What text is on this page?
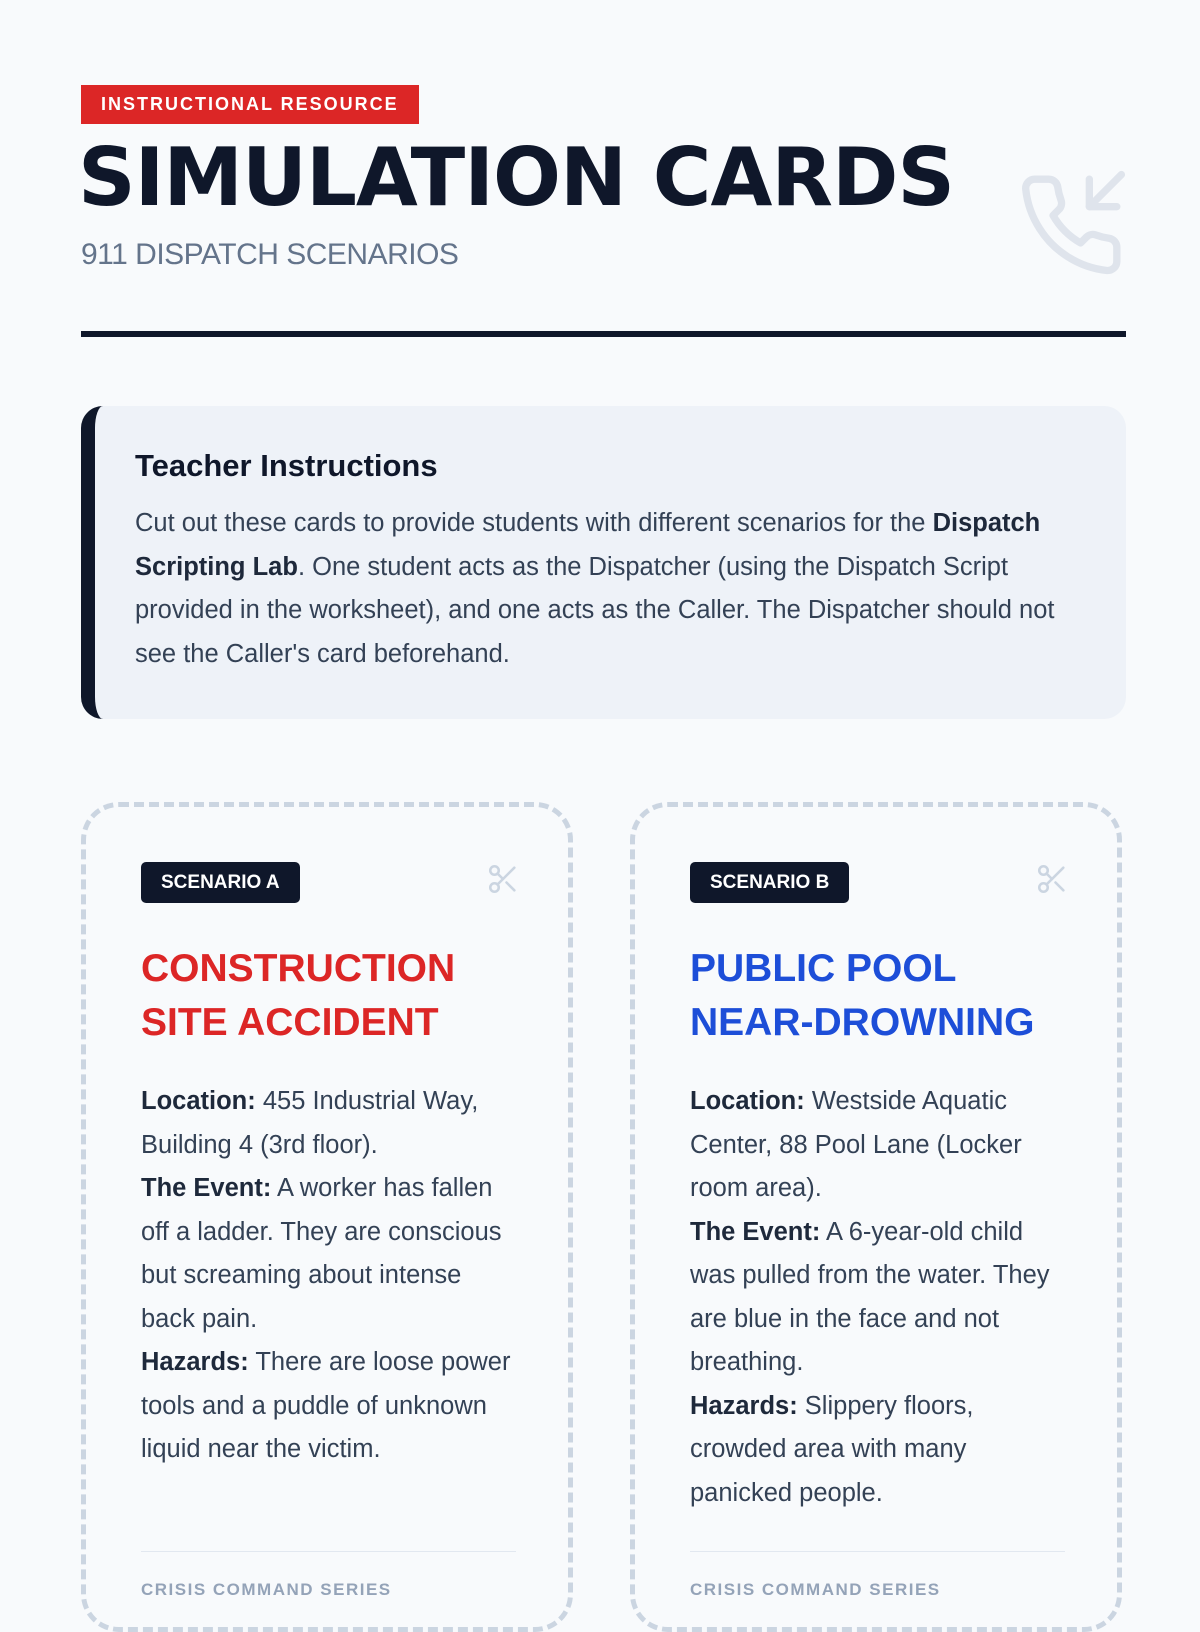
INSTRUCTIONAL RESOURCE
SIMULATION CARDS
911 DISPATCH SCENARIOS
Teacher Instructions
Cut out these cards to provide students with different scenarios for the Dispatch Scripting Lab. One student acts as the Dispatcher (using the Dispatch Script provided in the worksheet), and one acts as the Caller. The Dispatcher should not see the Caller's card beforehand.
SCENARIO A
CONSTRUCTION
SITE ACCIDENT
Location: 455 Industrial Way, Building 4 (3rd floor).
The Event: A worker has fallen off a ladder. They are conscious but screaming about intense back pain.
Hazards: There are loose power tools and a puddle of unknown liquid near the victim.
CRISIS COMMAND SERIES
SCENARIO B
PUBLIC POOL
NEAR-DROWNING
Location: Westside Aquatic Center, 88 Pool Lane (Locker room area).
The Event: A 6-year-old child was pulled from the water. They are blue in the face and not breathing.
Hazards: Slippery floors, crowded area with many panicked people.
CRISIS COMMAND SERIES
